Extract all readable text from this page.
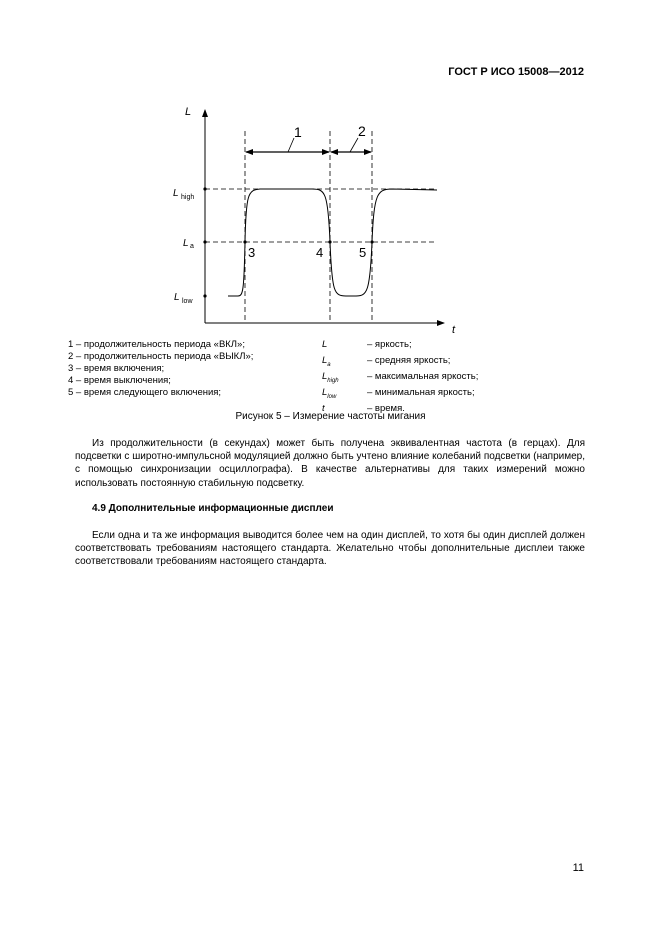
ГОСТ Р ИСО 15008—2012
L
t
1	2
L high
L a
L low
3	4	5
1 – продолжительность периода «ВКЛ»;
2 – продолжительность периода «ВЫКЛ»;
3 – время включения;
4 – время выключения;
5 – время следующего включения;
L	– яркость;
$L_a$	– средняя яркость;
$L_{high}$	– максимальная яркость;
$L_{low}$	– минимальная яркость;
t	– время.
Рисунок 5 – Измерение частоты мигания
Из продолжительности (в секундах) может быть получена эквивалентная частота (в герцах). Для подсветки с широтно-импульсной модуляцией должно быть учтено влияние колебаний подсветки (например, с помощью синхронизации осциллографа). В качестве альтернативы для таких измерений можно использовать постоянную стабильную подсветку.
4.9 Дополнительные информационные дисплеи
Если одна и та же информация выводится более чем на один дисплей, то хотя бы один дисплей должен соответствовать требованиям настоящего стандарта. Желательно чтобы дополнительные дисплеи также соответствовали требованиям настоящего стандарта.
11
